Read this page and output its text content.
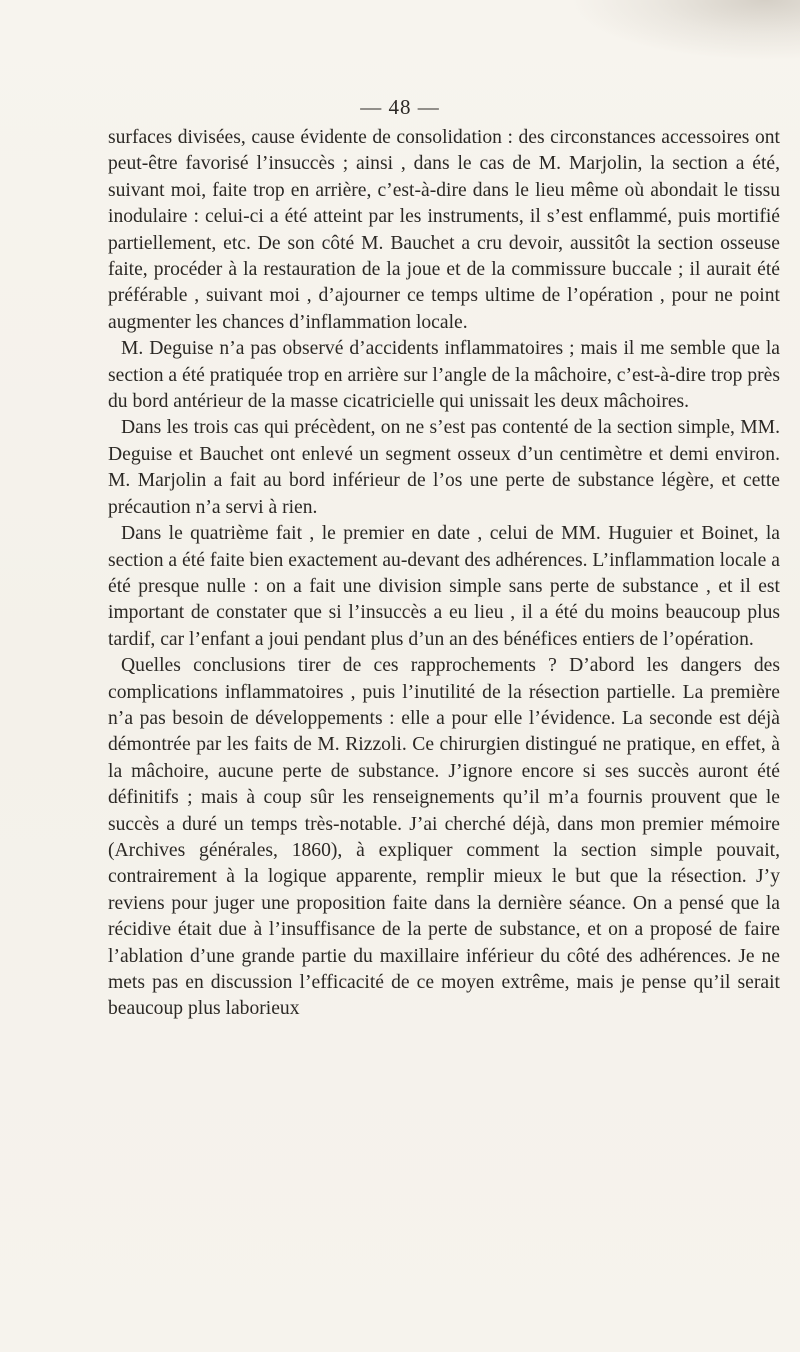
— 48 —

surfaces divisées, cause évidente de consolidation : des circonstances accessoires ont peut-être favorisé l’insuccès ; ainsi , dans le cas de M. Marjolin, la section a été, suivant moi, faite trop en arrière, c’est-à-dire dans le lieu même où abondait le tissu inodulaire : celui-ci a été atteint par les instruments, il s’est enflammé, puis mortifié partiellement, etc. De son côté M. Bauchet a cru devoir, aussitôt la section osseuse faite, procéder à la restauration de la joue et de la commissure buccale ; il aurait été préférable , suivant moi , d’ajourner ce temps ultime de l’opération , pour ne point augmenter les chances d’inflammation locale.

M. Deguise n’a pas observé d’accidents inflammatoires ; mais il me semble que la section a été pratiquée trop en arrière sur l’angle de la mâchoire, c’est-à-dire trop près du bord antérieur de la masse cicatricielle qui unissait les deux mâchoires.

Dans les trois cas qui précèdent, on ne s’est pas contenté de la section simple, MM. Deguise et Bauchet ont enlevé un segment osseux d’un centimètre et demi environ. M. Marjolin a fait au bord inférieur de l’os une perte de substance légère, et cette précaution n’a servi à rien.

Dans le quatrième fait , le premier en date , celui de MM. Huguier et Boinet, la section a été faite bien exactement au-devant des adhérences. L’inflammation locale a été presque nulle : on a fait une division simple sans perte de substance , et il est important de constater que si l’insuccès a eu lieu , il a été du moins beaucoup plus tardif, car l’enfant a joui pendant plus d’un an des bénéfices entiers de l’opération.

Quelles conclusions tirer de ces rapprochements ? D’abord les dangers des complications inflammatoires , puis l’inutilité de la résection partielle. La première n’a pas besoin de développements : elle a pour elle l’évidence. La seconde est déjà démontrée par les faits de M. Rizzoli. Ce chirurgien distingué ne pratique, en effet, à la mâchoire, aucune perte de substance. J’ignore encore si ses succès auront été définitifs ; mais à coup sûr les renseignements qu’il m’a fournis prouvent que le succès a duré un temps très-notable. J’ai cherché déjà, dans mon premier mémoire (Archives générales, 1860), à expliquer comment la section simple pouvait, contrairement à la logique apparente, remplir mieux le but que la résection. J’y reviens pour juger une proposition faite dans la dernière séance. On a pensé que la récidive était due à l’insuffisance de la perte de substance, et on a proposé de faire l’ablation d’une grande partie du maxillaire inférieur du côté des adhérences. Je ne mets pas en discussion l’efficacité de ce moyen extrême, mais je pense qu’il serait beaucoup plus laborieux
